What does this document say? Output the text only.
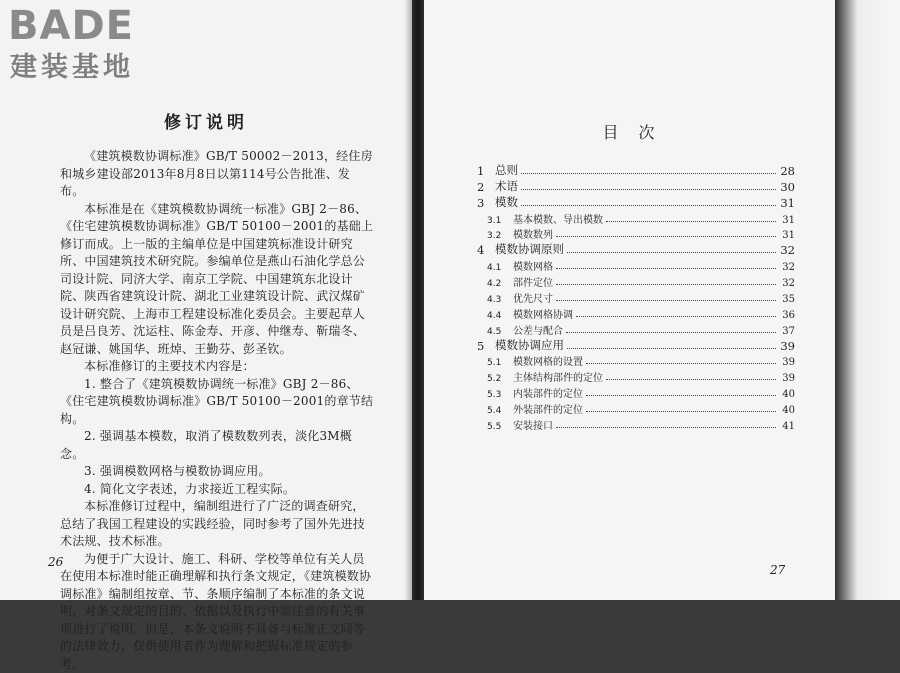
BADE
建装基地
修订说明

《建筑模数协调标准》GB/T 50002－2013，经住房和城乡建设部2013年8月8日以第114号公告批准、发布。

本标准是在《建筑模数协调统一标准》GBJ 2－86、《住宅建筑模数协调标准》GB/T 50100－2001的基础上修订而成。上一版的主编单位是中国建筑标准设计研究所、中国建筑技术研究院。参编单位是燕山石油化学总公司设计院、同济大学、南京工学院、中国建筑东北设计院、陕西省建筑设计院、湖北工业建筑设计院、武汉煤矿设计研究院、上海市工程建设标准化委员会。主要起草人员是吕良芳、沈运柱、陈金寿、开彦、仲继寿、靳瑞冬、赵冠谦、姚国华、班焯、王勤芬、彭圣钦。

本标准修订的主要技术内容是：

1. 整合了《建筑模数协调统一标准》GBJ 2－86、《住宅建筑模数协调标准》GB/T 50100－2001的章节结构。

2. 强调基本模数，取消了模数数列表，淡化3M概念。

3. 强调模数网格与模数协调应用。

4. 简化文字表述，力求接近工程实际。

本标准修订过程中，编制组进行了广泛的调查研究，总结了我国工程建设的实践经验，同时参考了国外先进技术法规、技术标准。

为便于广大设计、施工、科研、学校等单位有关人员在使用本标准时能正确理解和执行条文规定，《建筑模数协调标准》编制组按章、节、条顺序编制了本标准的条文说明，对条文规定的目的、依据以及执行中需注意的有关事项进行了说明。但是，本条文说明不具备与标准正文同等的法律效力，仅供使用者作为理解和把握标准规定的参考。

26
目次
1 总则	28
2 术语	30
3 模数	31
3.1	基本模数、导出模数	31
3.2	模数数列	31
4 模数协调原则	32
4.1	模数网格	32
4.2	部件定位	32
4.3	优先尺寸	35
4.4	模数网格协调	36
4.5	公差与配合	37
5 模数协调应用	39
5.1	模数网格的设置	39
5.2	主体结构部件的定位	39
5.3	内装部件的定位	40
5.4	外装部件的定位	40
5.5	安装接口	41
27
